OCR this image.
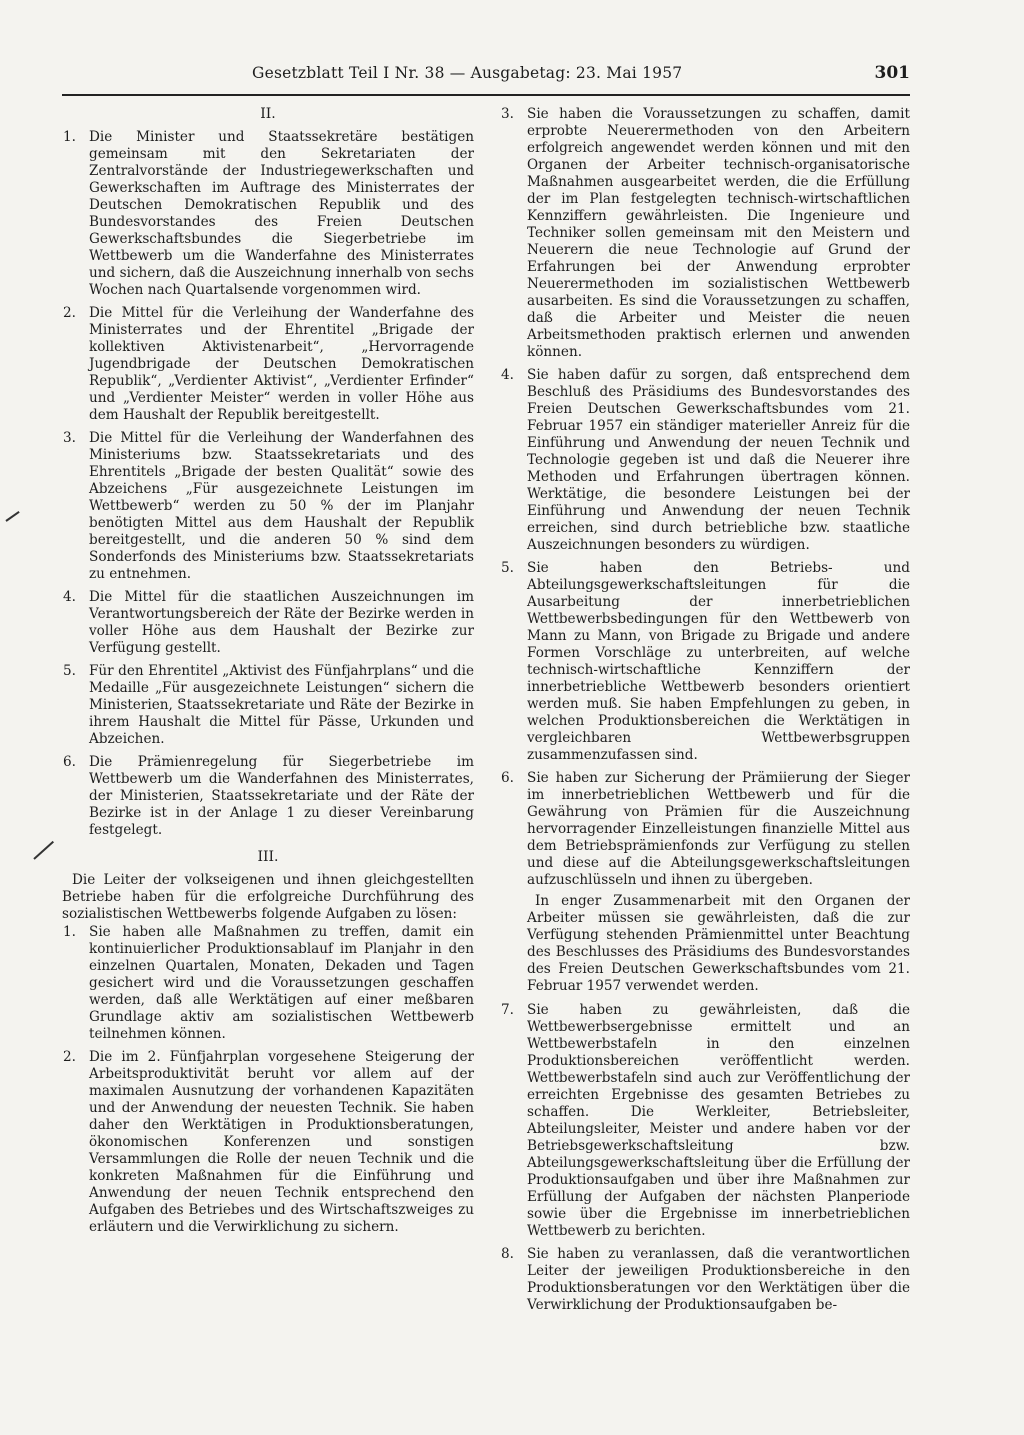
Gesetzblatt Teil I Nr. 38 — Ausgabetag: 23. Mai 1957	301
II.
1. Die Minister und Staatssekretäre bestätigen gemeinsam mit den Sekretariaten der Zentralvorstände der Industriegewerkschaften und Gewerkschaften im Auftrage des Ministerrates der Deutschen Demokratischen Republik und des Bundesvorstandes des Freien Deutschen Gewerkschaftsbundes die Siegerbetriebe im Wettbewerb um die Wanderfahne des Ministerrates und sichern, daß die Auszeichnung innerhalb von sechs Wochen nach Quartalsende vorgenommen wird.
2. Die Mittel für die Verleihung der Wanderfahne des Ministerrates und der Ehrentitel „Brigade der kollektiven Aktivistenarbeit“, „Hervorragende Jugendbrigade der Deutschen Demokratischen Republik“, „Verdienter Aktivist“, „Verdienter Erfinder“ und „Verdienter Meister“ werden in voller Höhe aus dem Haushalt der Republik bereitgestellt.
3. Die Mittel für die Verleihung der Wanderfahnen des Ministeriums bzw. Staatssekretariats und des Ehrentitels „Brigade der besten Qualität“ sowie des Abzeichens „Für ausgezeichnete Leistungen im Wettbewerb“ werden zu 50 % der im Planjahr benötigten Mittel aus dem Haushalt der Republik bereitgestellt, und die anderen 50 % sind dem Sonderfonds des Ministeriums bzw. Staatssekretariats zu entnehmen.
4. Die Mittel für die staatlichen Auszeichnungen im Verantwortungsbereich der Räte der Bezirke werden in voller Höhe aus dem Haushalt der Bezirke zur Verfügung gestellt.
5. Für den Ehrentitel „Aktivist des Fünfjahrplans“ und die Medaille „Für ausgezeichnete Leistungen“ sichern die Ministerien, Staatssekretariate und Räte der Bezirke in ihrem Haushalt die Mittel für Pässe, Urkunden und Abzeichen.
6. Die Prämienregelung für Siegerbetriebe im Wettbewerb um die Wanderfahnen des Ministerrates, der Ministerien, Staatssekretariate und der Räte der Bezirke ist in der Anlage 1 zu dieser Vereinbarung festgelegt.
III.

Die Leiter der volkseigenen und ihnen gleichgestellten Betriebe haben für die erfolgreiche Durchführung des sozialistischen Wettbewerbs folgende Aufgaben zu lösen:

1. Sie haben alle Maßnahmen zu treffen, damit ein kontinuierlicher Produktionsablauf im Planjahr in den einzelnen Quartalen, Monaten, Dekaden und Tagen gesichert wird und die Voraussetzungen geschaffen werden, daß alle Werktätigen auf einer meßbaren Grundlage aktiv am sozialistischen Wettbewerb teilnehmen können.
2. Die im 2. Fünfjahrplan vorgesehene Steigerung der Arbeitsproduktivität beruht vor allem auf der maximalen Ausnutzung der vorhandenen Kapazitäten und der Anwendung der neuesten Technik. Sie haben daher den Werktätigen in Produktionsberatungen, ökonomischen Konferenzen und sonstigen Versammlungen die Rolle der neuen Technik und die konkreten Maßnahmen für die Einführung und Anwendung der neuen Technik entsprechend den Aufgaben des Betriebes und des Wirtschaftszweiges zu erläutern und die Verwirklichung zu sichern.
3. Sie haben die Voraussetzungen zu schaffen, damit erprobte Neuerermethoden von den Arbeitern erfolgreich angewendet werden können und mit den Organen der Arbeiter technisch-organisatorische Maßnahmen ausgearbeitet werden, die die Erfüllung der im Plan festgelegten technisch-wirtschaftlichen Kennziffern gewährleisten. Die Ingenieure und Techniker sollen gemeinsam mit den Meistern und Neuerern die neue Technologie auf Grund der Erfahrungen bei der Anwendung erprobter Neuerermethoden im sozialistischen Wettbewerb ausarbeiten. Es sind die Voraussetzungen zu schaffen, daß die Arbeiter und Meister die neuen Arbeitsmethoden praktisch erlernen und anwenden können.
4. Sie haben dafür zu sorgen, daß entsprechend dem Beschluß des Präsidiums des Bundesvorstandes des Freien Deutschen Gewerkschaftsbundes vom 21. Februar 1957 ein ständiger materieller Anreiz für die Einführung und Anwendung der neuen Technik und Technologie gegeben ist und daß die Neuerer ihre Methoden und Erfahrungen übertragen können. Werktätige, die besondere Leistungen bei der Einführung und Anwendung der neuen Technik erreichen, sind durch betriebliche bzw. staatliche Auszeichnungen besonders zu würdigen.
5. Sie haben den Betriebs- und Abteilungsgewerkschaftsleitungen für die Ausarbeitung der innerbetrieblichen Wettbewerbsbedingungen für den Wettbewerb von Mann zu Mann, von Brigade zu Brigade und andere Formen Vorschläge zu unterbreiten, auf welche technisch-wirtschaftliche Kennziffern der innerbetriebliche Wettbewerb besonders orientiert werden muß. Sie haben Empfehlungen zu geben, in welchen Produktionsbereichen die Werktätigen in vergleichbaren Wettbewerbsgruppen zusammenzufassen sind.
6. Sie haben zur Sicherung der Prämiierung der Sieger im innerbetrieblichen Wettbewerb und für die Gewährung von Prämien für die Auszeichnung hervorragender Einzelleistungen finanzielle Mittel aus dem Betriebsprämienfonds zur Verfügung zu stellen und diese auf die Abteilungsgewerkschaftsleitungen aufzuschlüsseln und ihnen zu übergeben.

In enger Zusammenarbeit mit den Organen der Arbeiter müssen sie gewährleisten, daß die zur Verfügung stehenden Prämienmittel unter Beachtung des Beschlusses des Präsidiums des Bundesvorstandes des Freien Deutschen Gewerkschaftsbundes vom 21. Februar 1957 verwendet werden.

7. Sie haben zu gewährleisten, daß die Wettbewerbsergebnisse ermittelt und an Wettbewerbstafeln in den einzelnen Produktionsbereichen veröffentlicht werden. Wettbewerbstafeln sind auch zur Veröffentlichung der erreichten Ergebnisse des gesamten Betriebes zu schaffen. Die Werkleiter, Betriebsleiter, Abteilungsleiter, Meister und andere haben vor der Betriebsgewerkschaftsleitung bzw. Abteilungsgewerkschaftsleitung über die Erfüllung der Produktionsaufgaben und über ihre Maßnahmen zur Erfüllung der Aufgaben der nächsten Planperiode sowie über die Ergebnisse im innerbetrieblichen Wettbewerb zu berichten.
8. Sie haben zu veranlassen, daß die verantwortlichen Leiter der jeweiligen Produktionsbereiche in den Produktionsberatungen vor den Werktätigen über die Verwirklichung der Produktionsaufgaben be-
